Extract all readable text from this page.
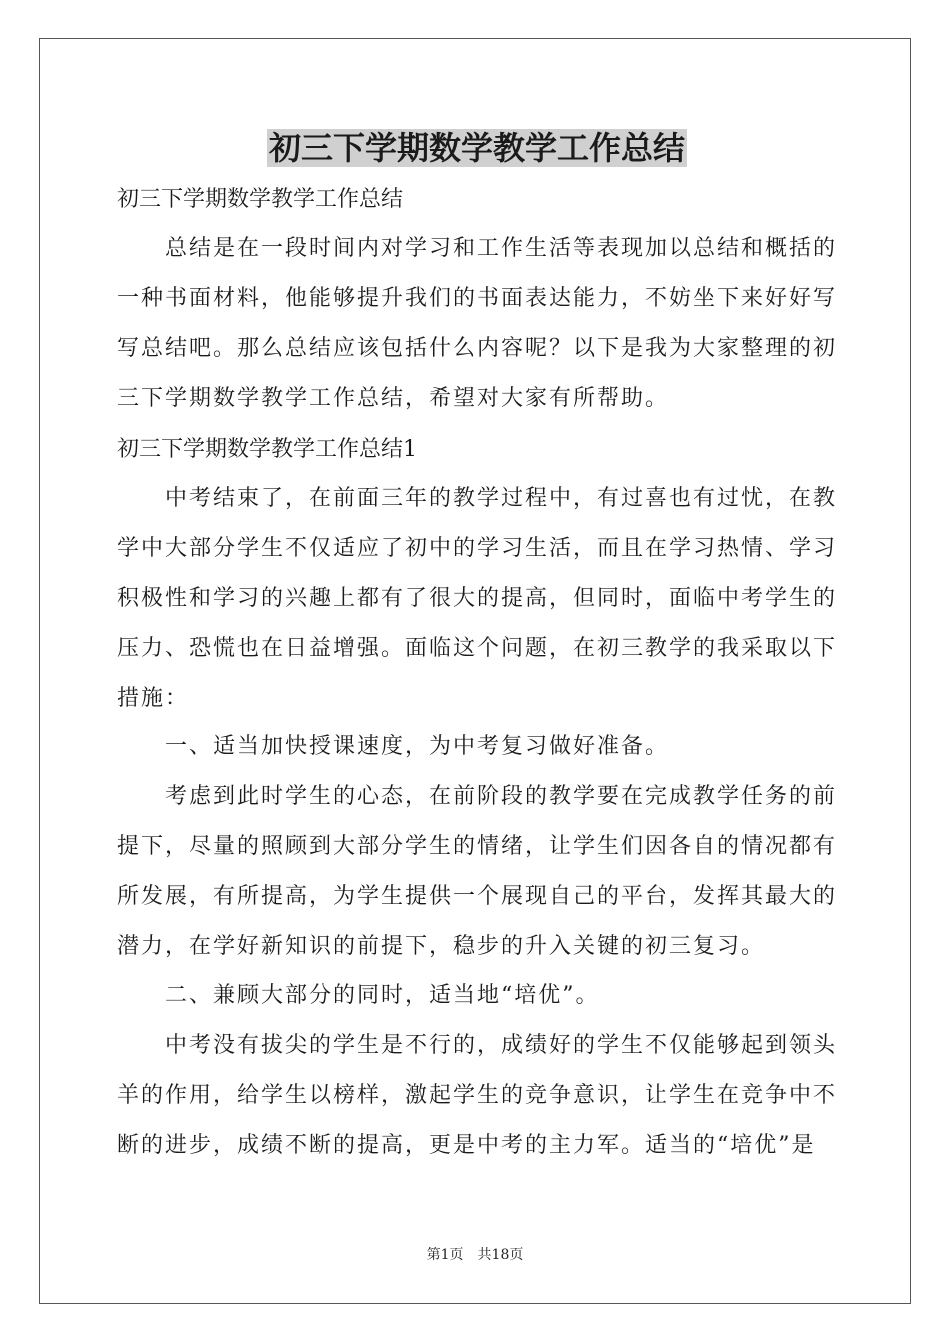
初三下学期数学教学工作总结
初三下学期数学教学工作总结

总结是在一段时间内对学习和工作生活等表现加以总结和概括的一种书面材料，他能够提升我们的书面表达能力，不妨坐下来好好写写总结吧。那么总结应该包括什么内容呢？以下是我为大家整理的初三下学期数学教学工作总结，希望对大家有所帮助。

初三下学期数学教学工作总结1

中考结束了，在前面三年的教学过程中，有过喜也有过忧，在教学中大部分学生不仅适应了初中的学习生活，而且在学习热情、学习积极性和学习的兴趣上都有了很大的提高，但同时，面临中考学生的压力、恐慌也在日益增强。面临这个问题，在初三教学的我采取以下措施：

一、适当加快授课速度，为中考复习做好准备。

考虑到此时学生的心态，在前阶段的教学要在完成教学任务的前提下，尽量的照顾到大部分学生的情绪，让学生们因各自的情况都有所发展，有所提高，为学生提供一个展现自己的平台，发挥其最大的潜力，在学好新知识的前提下，稳步的升入关键的初三复习。

二、兼顾大部分的同时，适当地“培优”。

中考没有拔尖的学生是不行的，成绩好的学生不仅能够起到领头羊的作用，给学生以榜样，激起学生的竞争意识，让学生在竞争中不断的进步，成绩不断的提高，更是中考的主力军。适当的“培优”是

第1页　共18页
